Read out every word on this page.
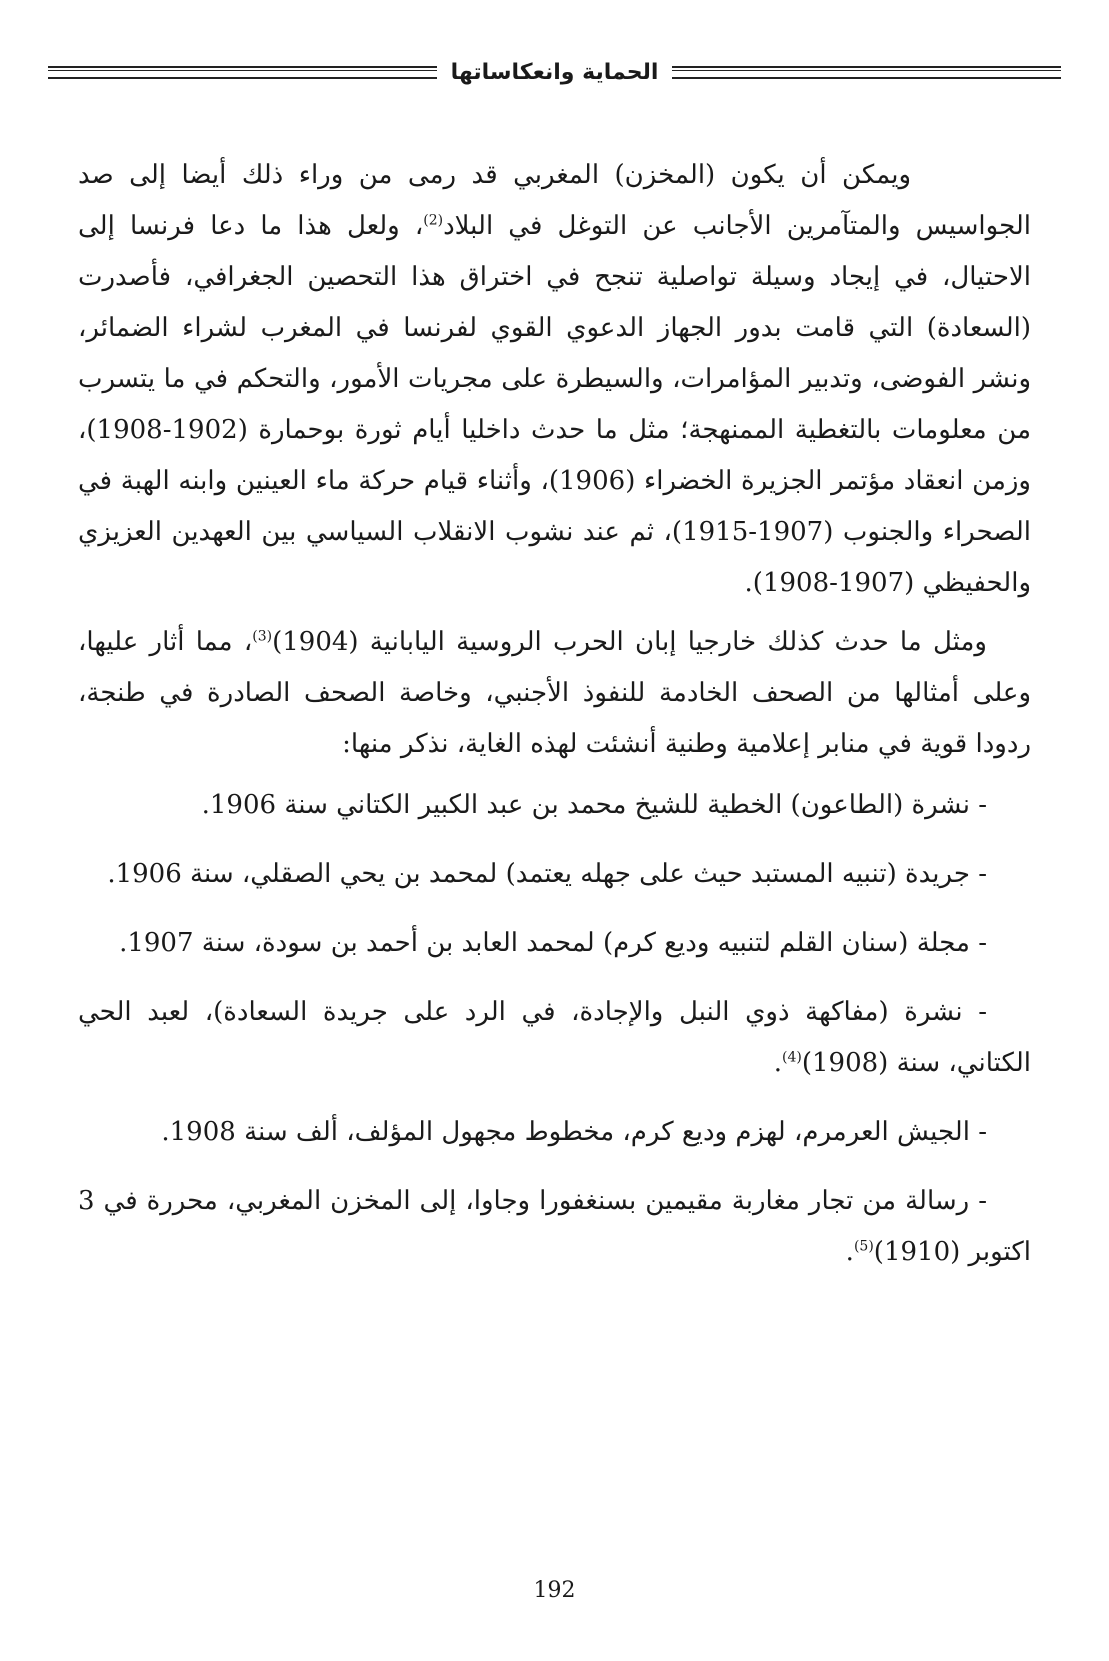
الحماية وانعكاساتها

ويمكن أن يكون (المخزن) المغربي قد رمى من وراء ذلك أيضا إلى صد الجواسيس والمتآمرين الأجانب عن التوغل في البلاد$^{(2)}$، ولعل هذا ما دعا فرنسا إلى الاحتيال، في إيجاد وسيلة تواصلية تنجح في اختراق هذا التحصين الجغرافي، فأصدرت (السعادة) التي قامت بدور الجهاز الدعوي القوي لفرنسا في المغرب لشراء الضمائر، ونشر الفوضى، وتدبير المؤامرات، والسيطرة على مجريات الأمور، والتحكم في ما يتسرب من معلومات بالتغطية الممنهجة؛ مثل ما حدث داخليا أيام ثورة بوحمارة (1902-1908)، وزمن انعقاد مؤتمر الجزيرة الخضراء (1906)، وأثناء قيام حركة ماء العينين وابنه الهبة في الصحراء والجنوب (1907-1915)، ثم عند نشوب الانقلاب السياسي بين العهدين العزيزي والحفيظي (1907-1908).

ومثل ما حدث كذلك خارجيا إبان الحرب الروسية اليابانية $(1904)^{(3)}،$ مما أثار عليها، وعلى أمثالها من الصحف الخادمة للنفوذ الأجنبي، وخاصة الصحف الصادرة في طنجة، ردودا قوية في منابر إعلامية وطنية أنشئت لهذه الغاية، نذكر منها:

- نشرة (الطاعون) الخطية للشيخ محمد بن عبد الكبير الكتاني سنة 1906.

- جريدة (تنبيه المستبد حيث على جهله يعتمد) لمحمد بن يحي الصقلي، سنة 1906.

- مجلة (سنان القلم لتنبيه وديع كرم) لمحمد العابد بن أحمد بن سودة، سنة 1907.

- نشرة (مفاكهة ذوي النبل والإجادة، في الرد على جريدة السعادة)، لعبد الحي الكتاني، سنة $(1908)^{(4)}$.

- الجيش العرمرم، لهزم وديع كرم، مخطوط مجهول المؤلف، ألف سنة 1908.

- رسالة من تجار مغاربة مقيمين بسنغفورا وجاوا، إلى المخزن المغربي، محررة في 3 اكتوبر $(1910)^{(5)}$.

192
